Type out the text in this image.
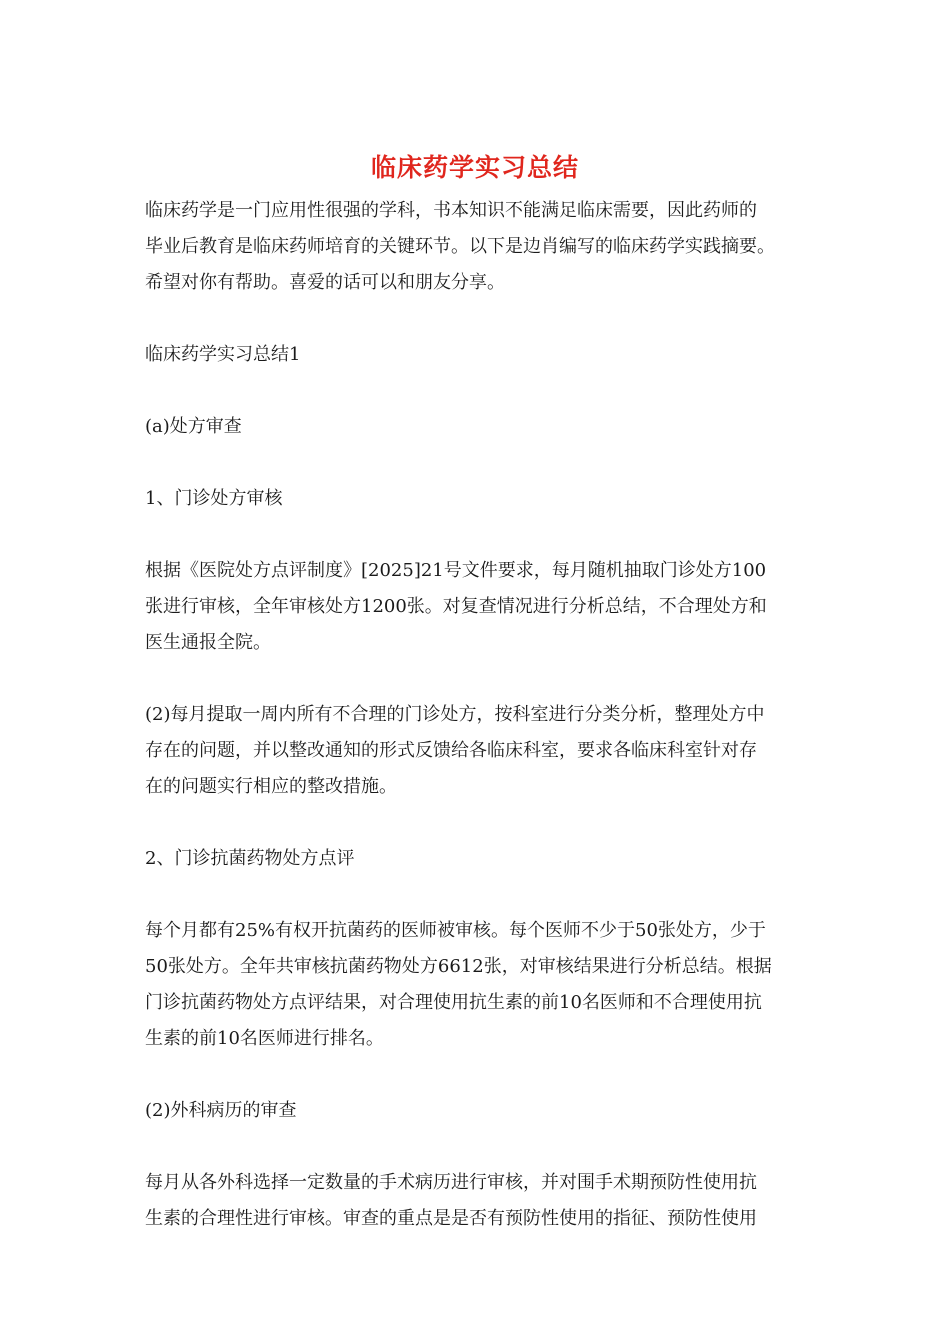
临床药学实习总结
临床药学是一门应用性很强的学科，书本知识不能满足临床需要，因此药师的
毕业后教育是临床药师培育的关键环节。以下是边肖编写的临床药学实践摘要。
希望对你有帮助。喜爱的话可以和朋友分享。
临床药学实习总结1
(a)处方审查
1、门诊处方审核
根据《医院处方点评制度》[2025]21号文件要求，每月随机抽取门诊处方100
张进行审核，全年审核处方1200张。对复查情况进行分析总结，不合理处方和
医生通报全院。
(2)每月提取一周内所有不合理的门诊处方，按科室进行分类分析，整理处方中
存在的问题，并以整改通知的形式反馈给各临床科室，要求各临床科室针对存
在的问题实行相应的整改措施。
2、门诊抗菌药物处方点评
每个月都有25%有权开抗菌药的医师被审核。每个医师不少于50张处方，少于
50张处方。全年共审核抗菌药物处方6612张，对审核结果进行分析总结。根据
门诊抗菌药物处方点评结果，对合理使用抗生素的前10名医师和不合理使用抗
生素的前10名医师进行排名。
(2)外科病历的审查
每月从各外科选择一定数量的手术病历进行审核，并对围手术期预防性使用抗
生素的合理性进行审核。审查的重点是是否有预防性使用的指征、预防性使用
